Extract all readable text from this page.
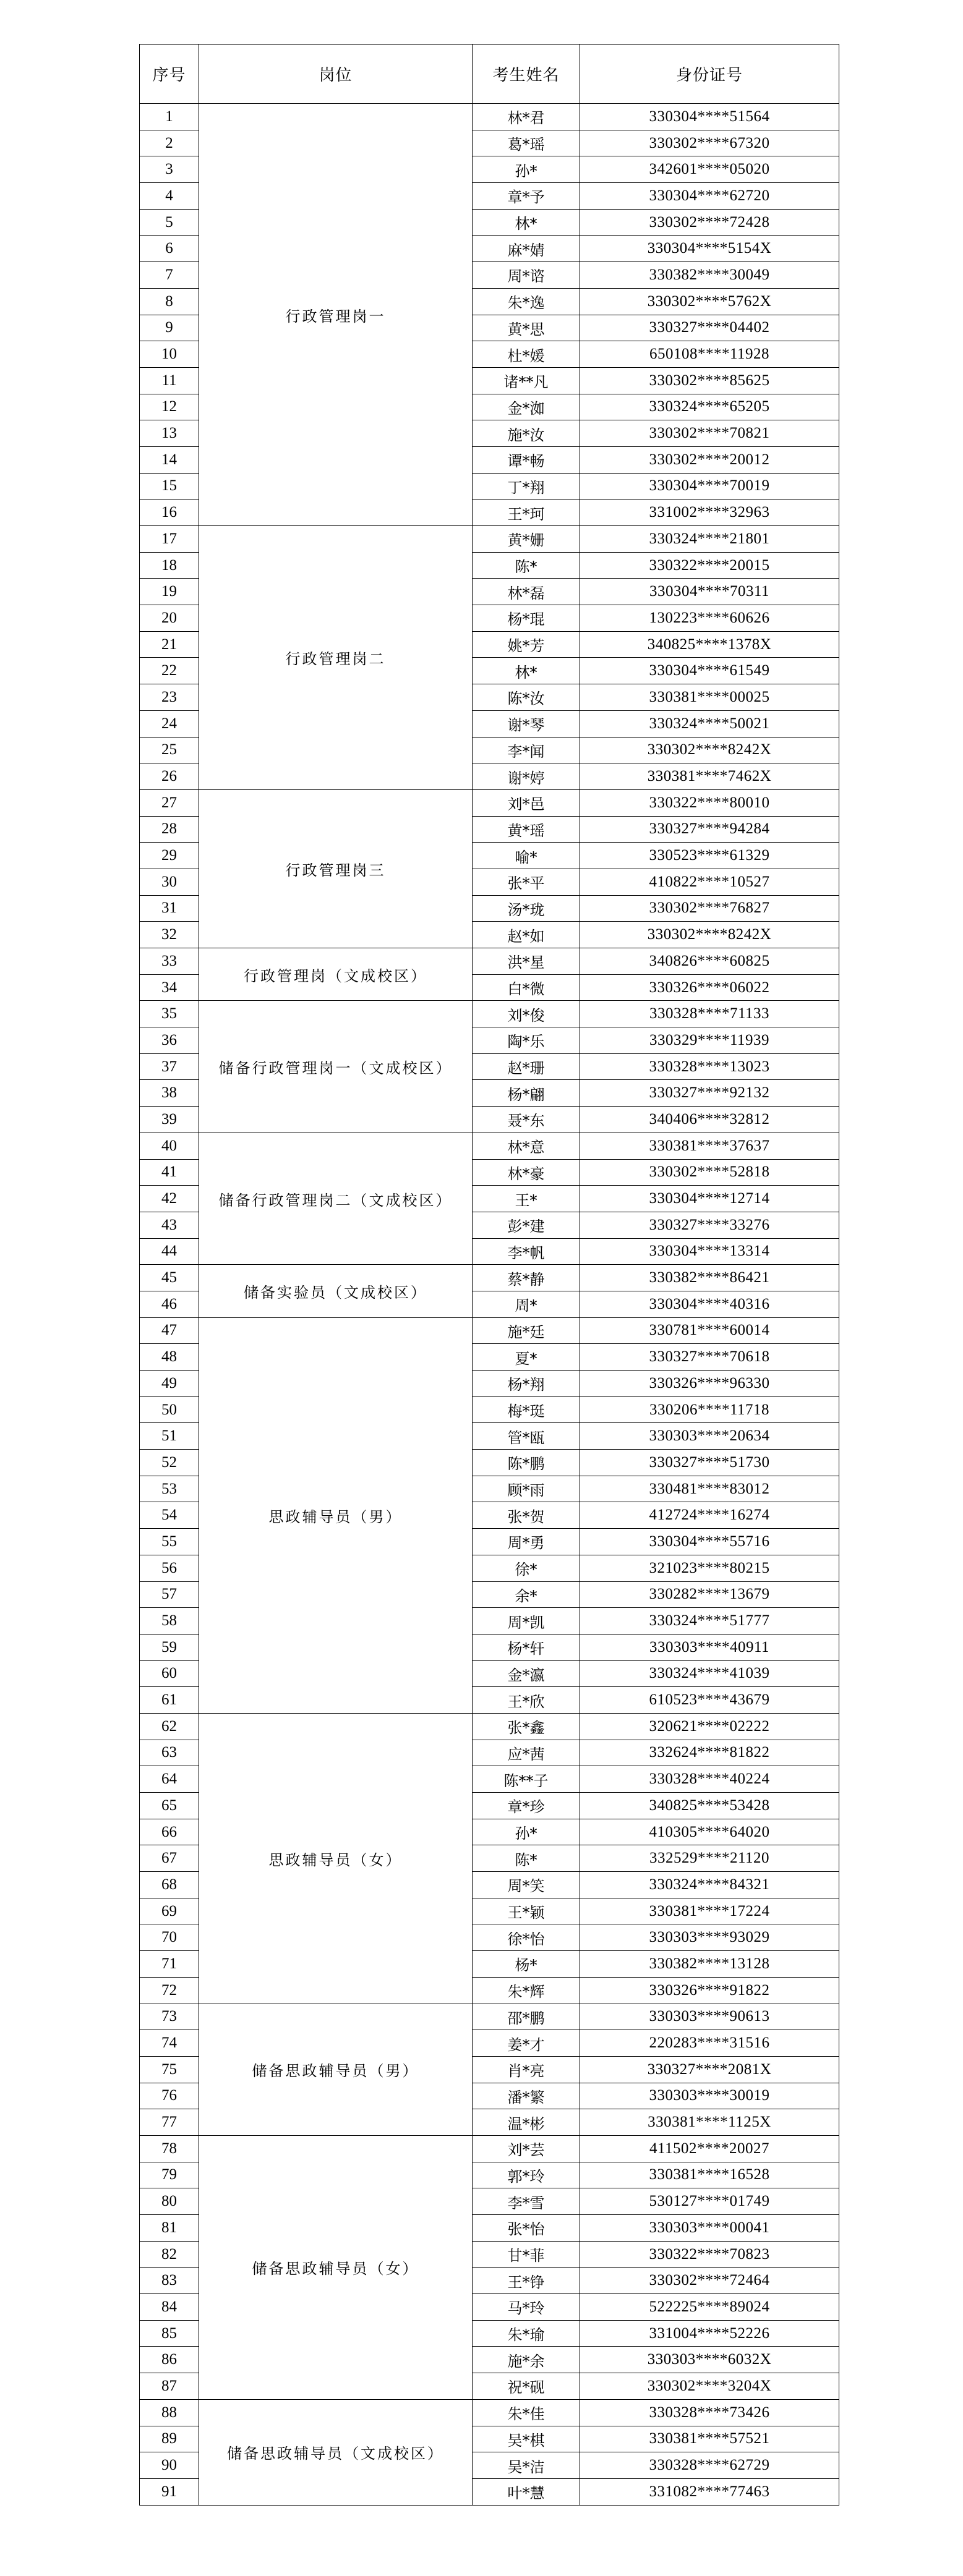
序号	岗位	考生姓名	身份证号
1	行政管理岗一	林*君	330304****51564
2		葛*瑶	330302****67320
3		孙*	342601****05020
4		章*予	330304****62720
5		林*	330302****72428
6		麻*婧	330304****5154X
7		周*谘	330382****30049
8		朱*逸	330302****5762X
9		黄*思	330327****04402
10		杜*媛	650108****11928
11		诸**凡	330302****85625
12		金*洳	330324****65205
13		施*汝	330302****70821
14		谭*畅	330302****20012
15		丁*翔	330304****70019
16		王*珂	331002****32963
17	行政管理岗二	黄*姗	330324****21801
18		陈*	330322****20015
19		林*磊	330304****70311
20		杨*琨	130223****60626
21		姚*芳	340825****1378X
22		林*	330304****61549
23		陈*汝	330381****00025
24		谢*琴	330324****50021
25		李*闻	330302****8242X
26		谢*婷	330381****7462X
27	行政管理岗三	刘*邑	330322****80010
28		黄*瑶	330327****94284
29		喻*	330523****61329
30		张*平	410822****10527
31		汤*珑	330302****76827
32		赵*如	330302****8242X
33	行政管理岗（文成校区）	洪*星	340826****60825
34		白*微	330326****06022
35	储备行政管理岗一（文成校区）	刘*俊	330328****71133
36		陶*乐	330329****11939
37		赵*珊	330328****13023
38		杨*翩	330327****92132
39		聂*东	340406****32812
40	储备行政管理岗二（文成校区）	林*意	330381****37637
41		林*豪	330302****52818
42		王*	330304****12714
43		彭*建	330327****33276
44		李*帆	330304****13314
45	储备实验员（文成校区）	蔡*静	330382****86421
46		周*	330304****40316
47	思政辅导员（男）	施*廷	330781****60014
48		夏*	330327****70618
49		杨*翔	330326****96330
50		梅*珽	330206****11718
51		管*瓯	330303****20634
52		陈*鹏	330327****51730
53		顾*雨	330481****83012
54		张*贺	412724****16274
55		周*勇	330304****55716
56		徐*	321023****80215
57		余*	330282****13679
58		周*凯	330324****51777
59		杨*轩	330303****40911
60		金*瀛	330324****41039
61		王*欣	610523****43679
62	思政辅导员（女）	张*鑫	320621****02222
63		应*茜	332624****81822
64		陈**子	330328****40224
65		章*珍	340825****53428
66		孙*	410305****64020
67		陈*	332529****21120
68		周*笑	330324****84321
69		王*颖	330381****17224
70		徐*怡	330303****93029
71		杨*	330382****13128
72		朱*辉	330326****91822
73	储备思政辅导员（男）	邵*鹏	330303****90613
74		姜*才	220283****31516
75		肖*亮	330327****2081X
76		潘*繁	330303****30019
77		温*彬	330381****1125X
78	储备思政辅导员（女）	刘*芸	411502****20027
79		郭*玲	330381****16528
80		李*雪	530127****01749
81		张*怡	330303****00041
82		甘*菲	330322****70823
83		王*铮	330302****72464
84		马*玲	522225****89024
85		朱*瑜	331004****52226
86		施*余	330303****6032X
87		祝*砚	330302****3204X
88	储备思政辅导员（文成校区）	朱*佳	330328****73426
89		吴*棋	330381****57521
90		吴*洁	330328****62729
91		叶*慧	331082****77463
